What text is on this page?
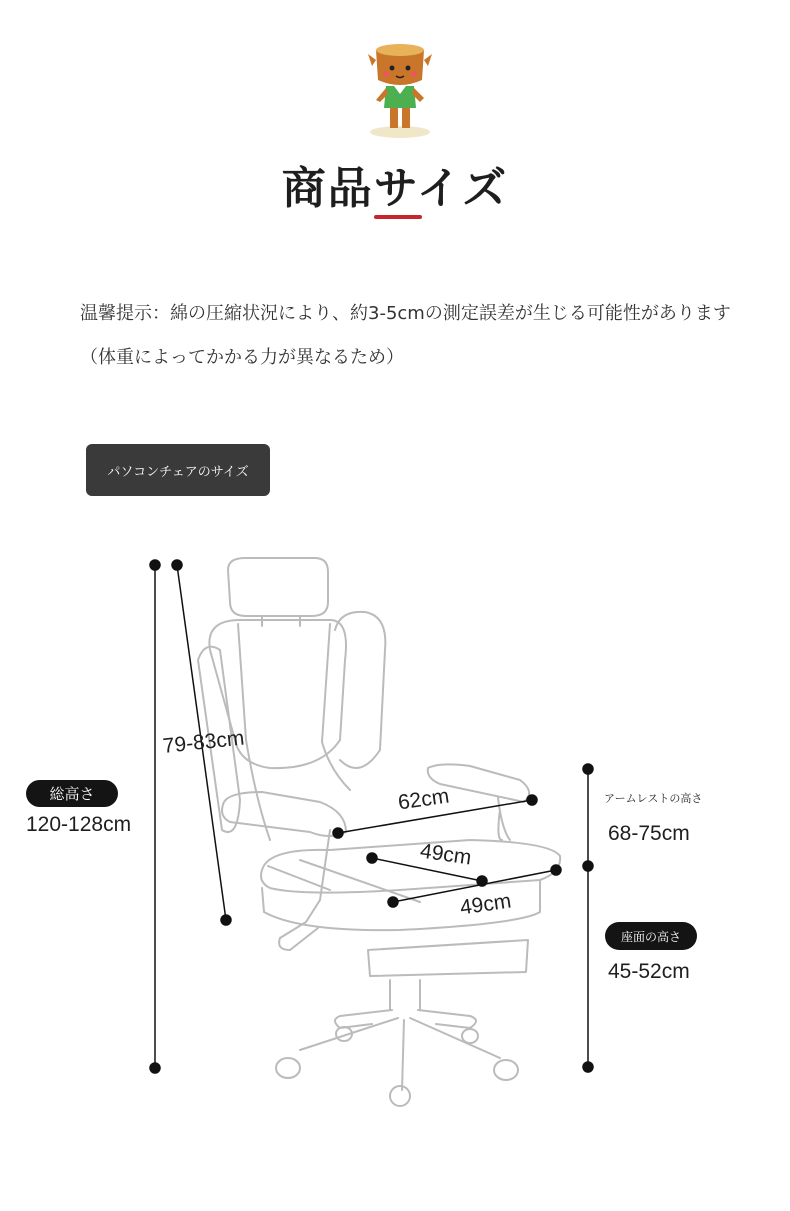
商品サイズ
温馨提示：綿の圧縮状況により、約3-5cmの測定誤差が生じる可能性があります
（体重によってかかる力が異なるため）
パソコンチェアのサイズ
総高さ
120-128cm
79-83cm
62cm
49cm
49cm
アームレストの高さ
68-75cm
座面の高さ
45-52cm
